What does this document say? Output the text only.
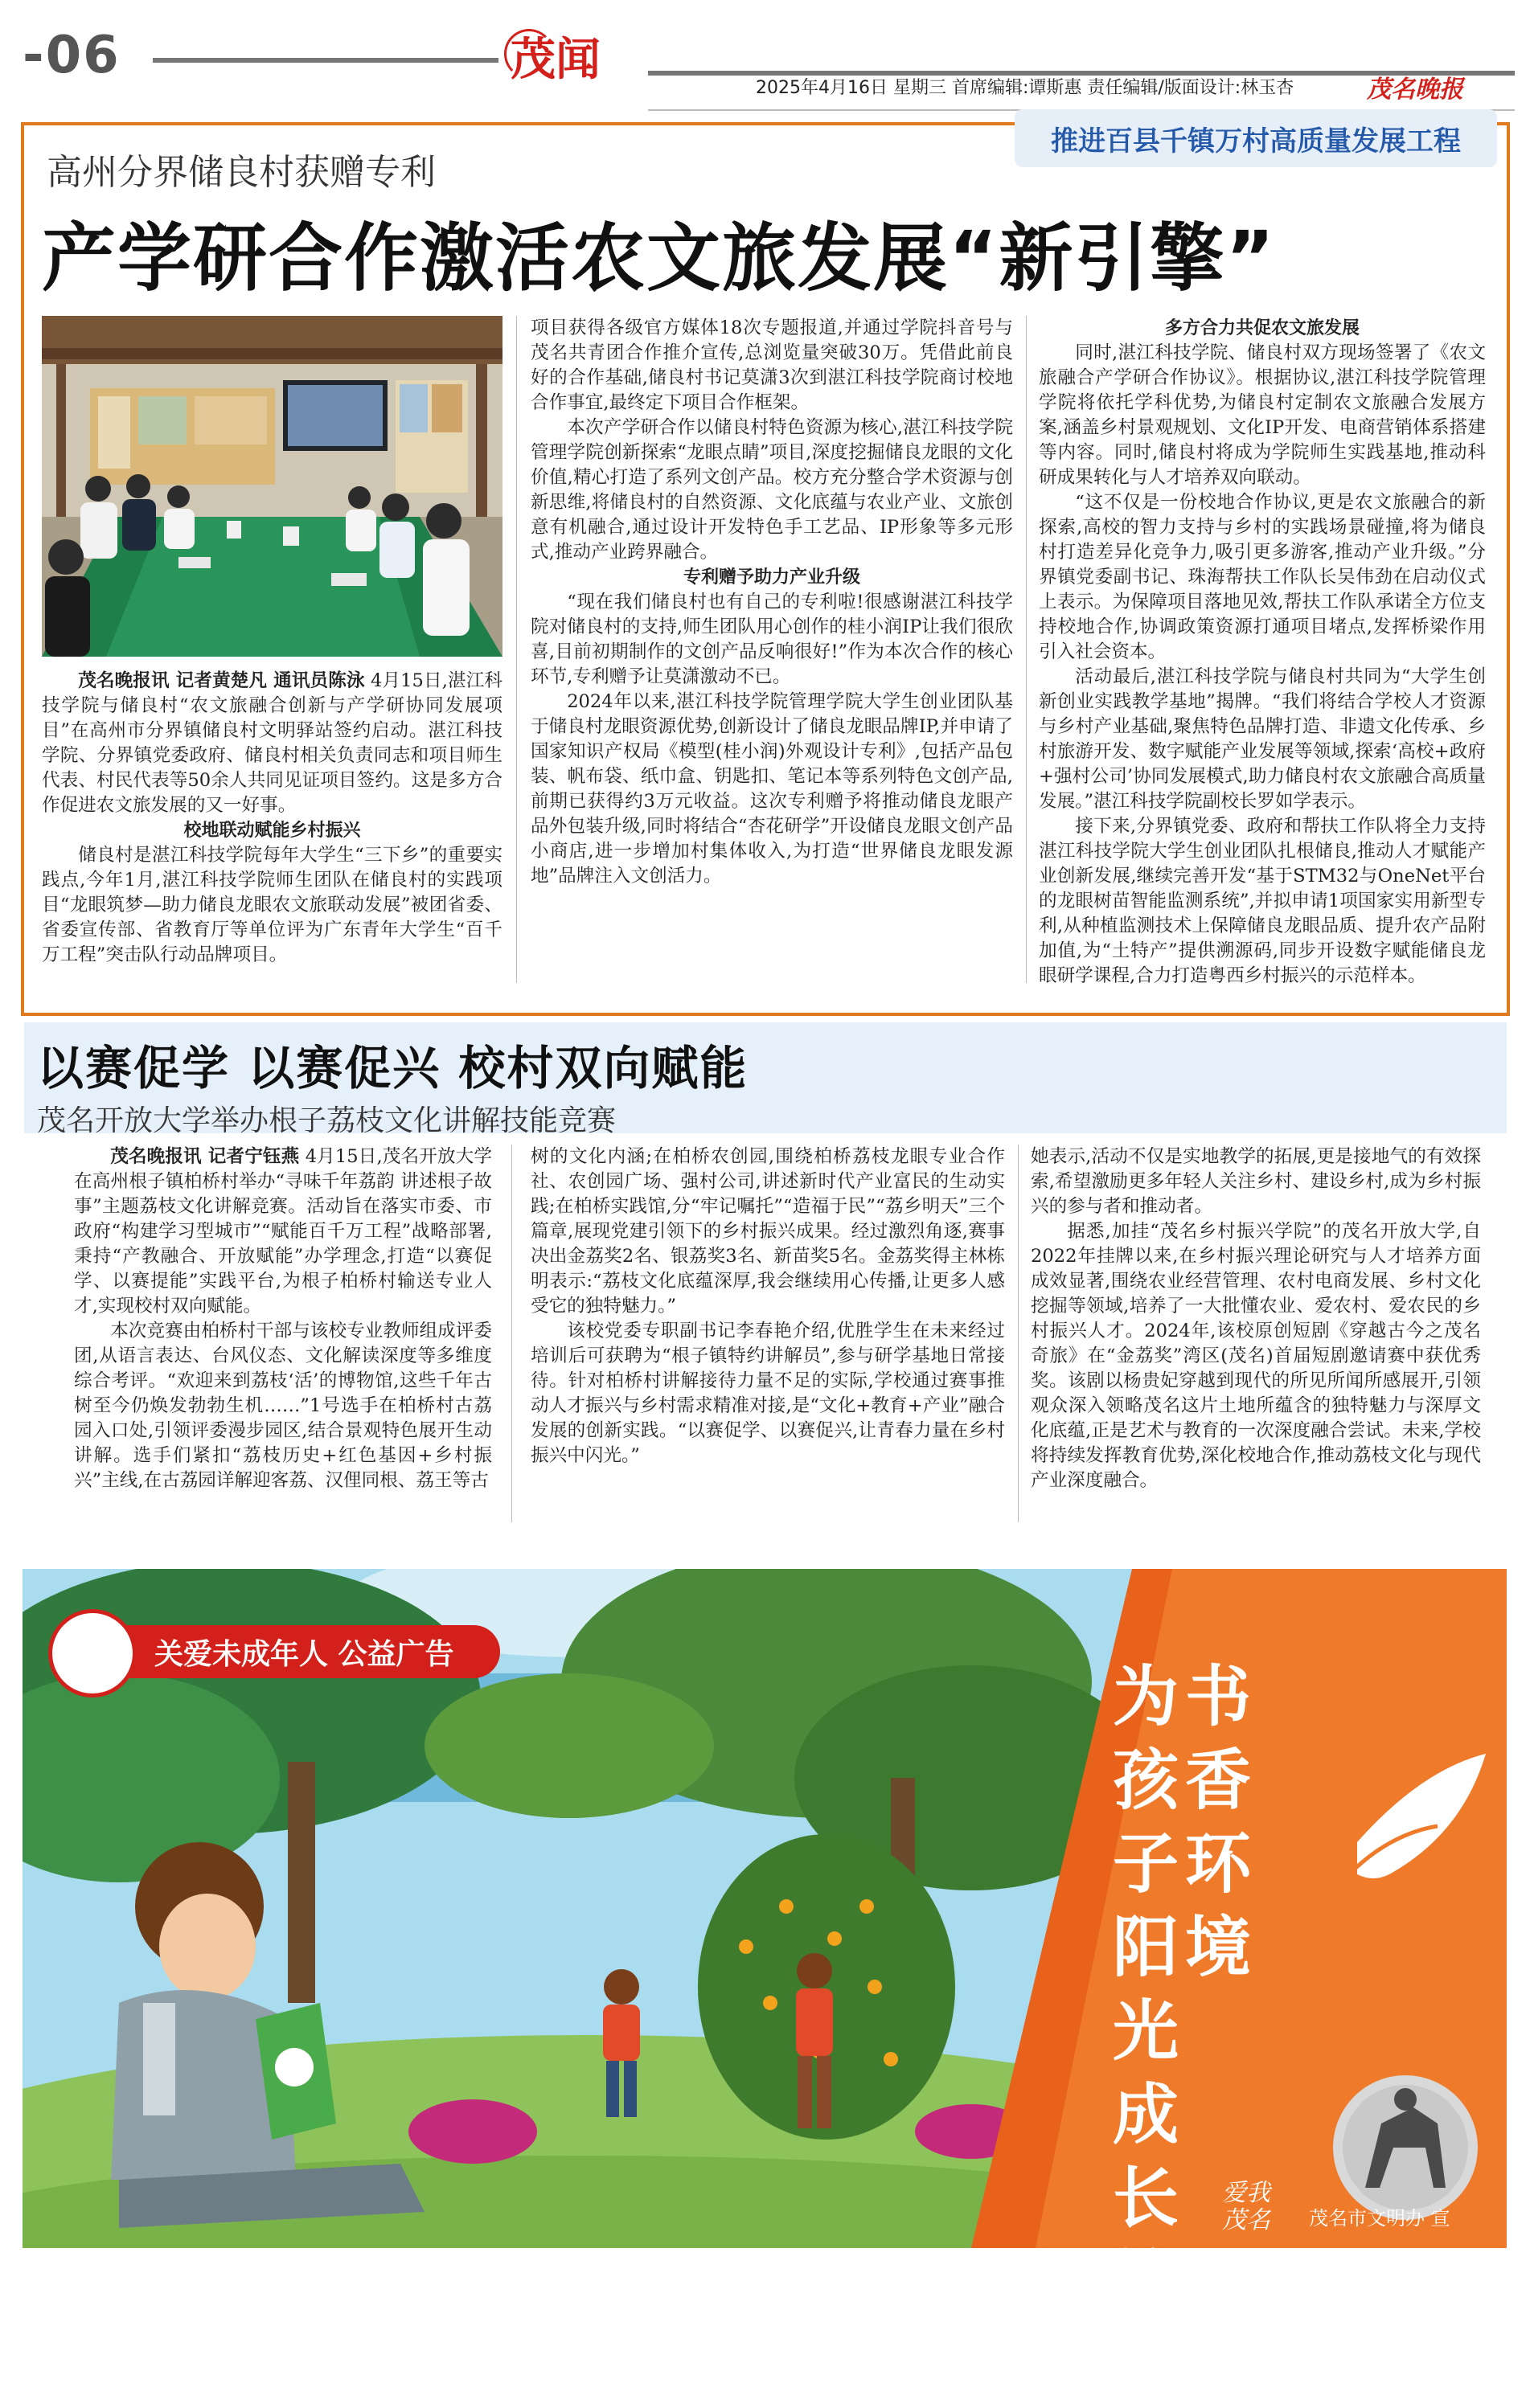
-06	茂闻
2025年4月16日 星期三 首席编辑:谭斯惠 责任编辑/版面设计:林玉杏	茂名晚报
推进百县千镇万村高质量发展工程
高州分界储良村获赠专利
产学研合作激活农文旅发展“新引擎”

茂名晚报讯 记者黄楚凡 通讯员陈泳 4月15日,湛江科技学院与储良村“农文旅融合创新与产学研协同发展项目”在高州市分界镇储良村文明驿站签约启动。湛江科技学院、分界镇党委政府、储良村相关负责同志和项目师生代表、村民代表等50余人共同见证项目签约。这是多方合作促进农文旅发展的又一好事。

校地联动赋能乡村振兴

储良村是湛江科技学院每年大学生“三下乡”的重要实践点,今年1月,湛江科技学院师生团队在储良村的实践项目“龙眼筑梦—助力储良龙眼农文旅联动发展”被团省委、省委宣传部、省教育厅等单位评为广东青年大学生“百千万工程”突击队行动品牌项目。

项目获得各级官方媒体18次专题报道,并通过学院抖音号与茂名共青团合作推介宣传,总浏览量突破30万。凭借此前良好的合作基础,储良村书记莫潇3次到湛江科技学院商讨校地合作事宜,最终定下项目合作框架。

本次产学研合作以储良村特色资源为核心,湛江科技学院管理学院创新探索“龙眼点睛”项目,深度挖掘储良龙眼的文化价值,精心打造了系列文创产品。校方充分整合学术资源与创新思维,将储良村的自然资源、文化底蕴与农业产业、文旅创意有机融合,通过设计开发特色手工艺品、IP形象等多元形式,推动产业跨界融合。

专利赠予助力产业升级

“现在我们储良村也有自己的专利啦!很感谢湛江科技学院对储良村的支持,师生团队用心创作的桂小润IP让我们很欣喜,目前初期制作的文创产品反响很好!”作为本次合作的核心环节,专利赠予让莫潇激动不已。

2024年以来,湛江科技学院管理学院大学生创业团队基于储良村龙眼资源优势,创新设计了储良龙眼品牌IP,并申请了国家知识产权局《模型(桂小润)外观设计专利》,包括产品包装、帆布袋、纸巾盒、钥匙扣、笔记本等系列特色文创产品,前期已获得约3万元收益。这次专利赠予将推动储良龙眼产品外包装升级,同时将结合“杏花研学”开设储良龙眼文创产品小商店,进一步增加村集体收入,为打造“世界储良龙眼发源地”品牌注入文创活力。

多方合力共促农文旅发展

同时,湛江科技学院、储良村双方现场签署了《农文旅融合产学研合作协议》。根据协议,湛江科技学院管理学院将依托学科优势,为储良村定制农文旅融合发展方案,涵盖乡村景观规划、文化IP开发、电商营销体系搭建等内容。同时,储良村将成为学院师生实践基地,推动科研成果转化与人才培养双向联动。

“这不仅是一份校地合作协议,更是农文旅融合的新探索,高校的智力支持与乡村的实践场景碰撞,将为储良村打造差异化竞争力,吸引更多游客,推动产业升级。”分界镇党委副书记、珠海帮扶工作队长吴伟劲在启动仪式上表示。为保障项目落地见效,帮扶工作队承诺全方位支持校地合作,协调政策资源打通项目堵点,发挥桥梁作用引入社会资本。

活动最后,湛江科技学院与储良村共同为“大学生创新创业实践教学基地”揭牌。“我们将结合学校人才资源与乡村产业基础,聚焦特色品牌打造、非遗文化传承、乡村旅游开发、数字赋能产业发展等领域,探索‘高校+政府+强村公司’协同发展模式,助力储良村农文旅融合高质量发展。”湛江科技学院副校长罗如学表示。

接下来,分界镇党委、政府和帮扶工作队将全力支持湛江科技学院大学生创业团队扎根储良,推动人才赋能产业创新发展,继续完善开发“基于STM32与OneNet平台的龙眼树苗智能监测系统”,并拟申请1项国家实用新型专利,从种植监测技术上保障储良龙眼品质、提升农产品附加值,为“土特产”提供溯源码,同步开设数字赋能储良龙眼研学课程,合力打造粤西乡村振兴的示范样本。

以赛促学 以赛促兴 校村双向赋能
茂名开放大学举办根子荔枝文化讲解技能竞赛

茂名晚报讯 记者宁钰燕 4月15日,茂名开放大学在高州根子镇柏桥村举办“寻味千年荔韵 讲述根子故事”主题荔枝文化讲解竞赛。活动旨在落实市委、市政府“构建学习型城市”“赋能百千万工程”战略部署,秉持“产教融合、开放赋能”办学理念,打造“以赛促学、以赛提能”实践平台,为根子柏桥村输送专业人才,实现校村双向赋能。

本次竞赛由柏桥村干部与该校专业教师组成评委团,从语言表达、台风仪态、文化解读深度等多维度综合考评。“欢迎来到荔枝‘活’的博物馆,这些千年古树至今仍焕发勃勃生机……”1号选手在柏桥村古荔园入口处,引领评委漫步园区,结合景观特色展开生动讲解。选手们紧扣“荔枝历史+红色基因+乡村振兴”主线,在古荔园详解迎客荔、汉俚同根、荔王等古

树的文化内涵;在柏桥农创园,围绕柏桥荔枝龙眼专业合作社、农创园广场、强村公司,讲述新时代产业富民的生动实践;在柏桥实践馆,分“牢记嘱托”“造福于民”“荔乡明天”三个篇章,展现党建引领下的乡村振兴成果。经过激烈角逐,赛事决出金荔奖2名、银荔奖3名、新苗奖5名。金荔奖得主林栋明表示:“荔枝文化底蕴深厚,我会继续用心传播,让更多人感受它的独特魅力。”

该校党委专职副书记李春艳介绍,优胜学生在未来经过培训后可获聘为“根子镇特约讲解员”,参与研学基地日常接待。针对柏桥村讲解接待力量不足的实际,学校通过赛事推动人才振兴与乡村需求精准对接,是“文化+教育+产业”融合发展的创新实践。“以赛促学、以赛促兴,让青春力量在乡村振兴中闪光。”

她表示,活动不仅是实地教学的拓展,更是接地气的有效探索,希望激励更多年轻人关注乡村、建设乡村,成为乡村振兴的参与者和推动者。

据悉,加挂“茂名乡村振兴学院”的茂名开放大学,自2022年挂牌以来,在乡村振兴理论研究与人才培养方面成效显著,围绕农业经营管理、农村电商发展、乡村文化挖掘等领域,培养了一大批懂农业、爱农村、爱农民的乡村振兴人才。2024年,该校原创短剧《穿越古今之茂名奇旅》在“金荔奖”湾区(茂名)首届短剧邀请赛中获优秀奖。该剧以杨贵妃穿越到现代的所见所闻所感展开,引领观众深入领略茂名这片土地所蕴含的独特魅力与深厚文化底蕴,正是艺术与教育的一次深度融合尝试。未来,学校将持续发挥教育优势,深化校地合作,推动荔枝文化与现代产业深度融合。

关爱未成年人 公益广告
书香环境
为孩子阳光成长护航
爱我茂名	茂名市文明办 宣
